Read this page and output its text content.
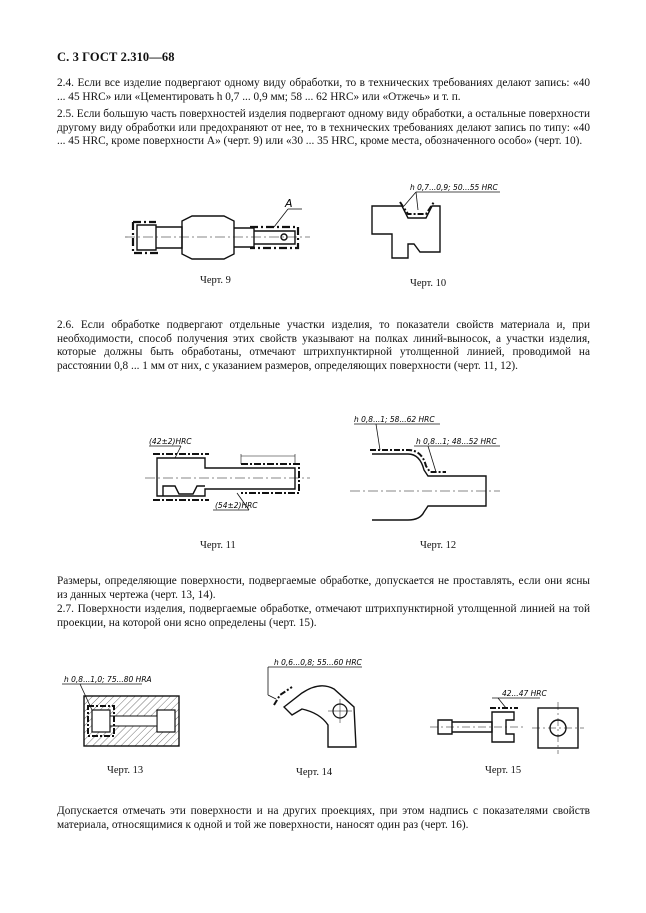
С. 3 ГОСТ 2.310—68

2.4. Если все изделие подвергают одному виду обработки, то в технических требованиях делают запись: «40 ... 45 HRC» или «Цементировать h 0,7 ... 0,9 мм; 58 ... 62 HRC» или «Отжечь» и т. п.

2.5. Если большую часть поверхностей изделия подвергают одному виду обработки, а остальные поверхности другому виду обработки или предохраняют от нее, то в технических требованиях делают запись по типу: «40 ... 45 HRC, кроме поверхности А» (черт. 9) или «30 ... 35 HRC, кроме места, обозначенного особо» (черт. 10).

A
Черт. 9
h 0,7...0,9; 50...55 HRC
Черт. 10

2.6. Если обработке подвергают отдельные участки изделия, то показатели свойств материала и, при необходимости, способ получения этих свойств указывают на полках линий-выносок, а участки изделия, которые должны быть обработаны, отмечают штрихпунктирной утолщенной линией, проводимой на расстоянии 0,8 ... 1 мм от них, с указанием размеров, определяющих поверхности (черт. 11, 12).

(42±2)HRC
(54±2)HRC
Черт. 11
h 0,8...1; 58...62 HRC
h 0,8...1; 48...52 HRC
Черт. 12

Размеры, определяющие поверхности, подвергаемые обработке, допускается не проставлять, если они ясны из данных чертежа (черт. 13, 14).

2.7. Поверхности изделия, подвергаемые обработке, отмечают штрихпунктирной утолщенной линией на той проекции, на которой они ясно определены (черт. 15).

h 0,8...1,0; 75...80 HRA
Черт. 13
h 0,6...0,8; 55...60 HRC
Черт. 14
42...47 HRC
Черт. 15

Допускается отмечать эти поверхности и на других проекциях, при этом надпись с показателями свойств материала, относящимися к одной и той же поверхности, наносят один раз (черт. 16).
